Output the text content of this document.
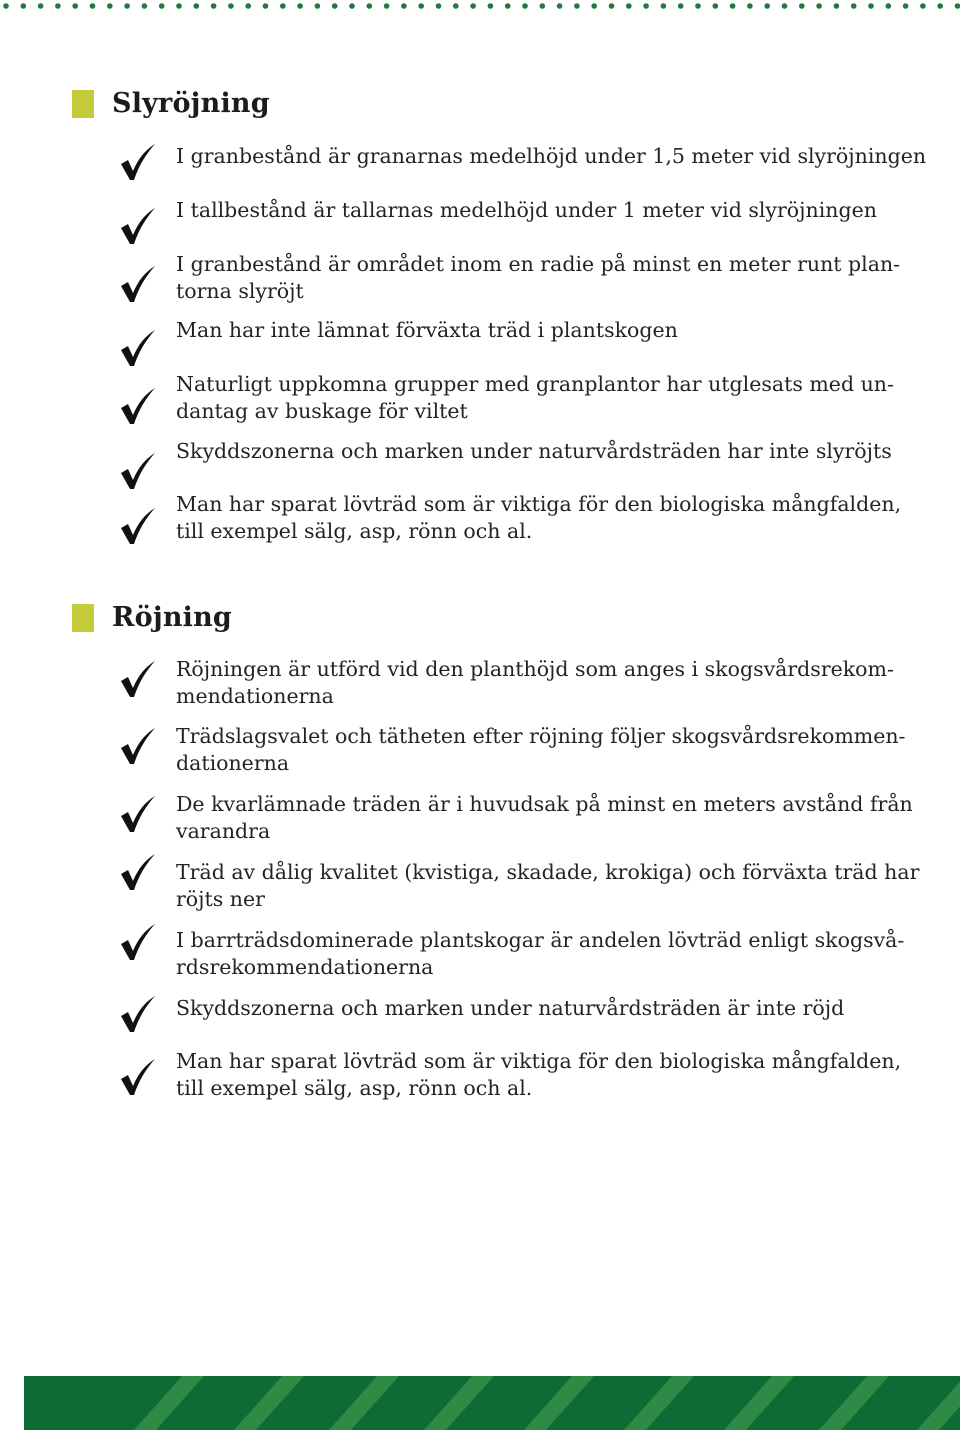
Slyröjning
I granbestånd är granarnas medelhöjd under 1,5 meter vid slyröjningen
I tallbestånd är tallarnas medelhöjd under 1 meter vid slyröjningen
I granbestånd är området inom en radie på minst en meter runt plan-
torna slyröjt
Man har inte lämnat förväxta träd i plantskogen
Naturligt uppkomna grupper med granplantor har utglesats med un-
dantag av buskage för viltet
Skyddszonerna och marken under naturvårdsträden har inte slyröjts
Man har sparat lövträd som är viktiga för den biologiska mångfalden,
till exempel sälg, asp, rönn och al.
Röjning
Röjningen är utförd vid den planthöjd som anges i skogsvårdsrekom-
mendationerna
Trädslagsvalet och tätheten efter röjning följer skogsvårdsrekommen-
dationerna
De kvarlämnade träden är i huvudsak på minst en meters avstånd från
varandra
Träd av dålig kvalitet (kvistiga, skadade, krokiga) och förväxta träd har
röjts ner
I barrträdsdominerade plantskogar är andelen lövträd enligt skogsvå-
rdsrekommendationerna
Skyddszonerna och marken under naturvårdsträden är inte röjd
Man har sparat lövträd som är viktiga för den biologiska mångfalden,
till exempel sälg, asp, rönn och al.
